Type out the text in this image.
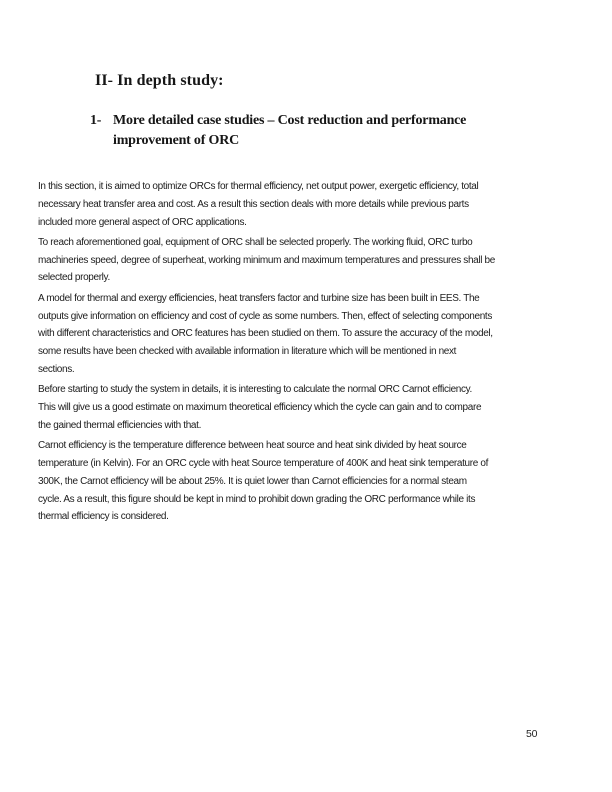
II- In depth study:
1- More detailed case studies – Cost reduction and performance
improvement of ORC

In this section, it is aimed to optimize ORCs for thermal efficiency, net output power, exergetic efficiency, total
necessary heat transfer area and cost. As a result this section deals with more details while previous parts
included more general aspect of ORC applications.

To reach aforementioned goal, equipment of ORC shall be selected properly. The working fluid, ORC turbo
machineries speed, degree of superheat, working minimum and maximum temperatures and pressures shall be
selected properly.

A model for thermal and exergy efficiencies, heat transfers factor and turbine size has been built in EES. The
outputs give information on efficiency and cost of cycle as some numbers. Then, effect of selecting components
with different characteristics and ORC features has been studied on them. To assure the accuracy of the model,
some results have been checked with available information in literature which will be mentioned in next
sections.

Before starting to study the system in details, it is interesting to calculate the normal ORC Carnot efficiency.
This will give us a good estimate on maximum theoretical efficiency which the cycle can gain and to compare
the gained thermal efficiencies with that.

Carnot efficiency is the temperature difference between heat source and heat sink divided by heat source
temperature (in Kelvin). For an ORC cycle with heat Source temperature of 400K and heat sink temperature of
300K, the Carnot efficiency will be about 25%. It is quiet lower than Carnot efficiencies for a normal steam
cycle. As a result, this figure should be kept in mind to prohibit down grading the ORC performance while its
thermal efficiency is considered.

50
